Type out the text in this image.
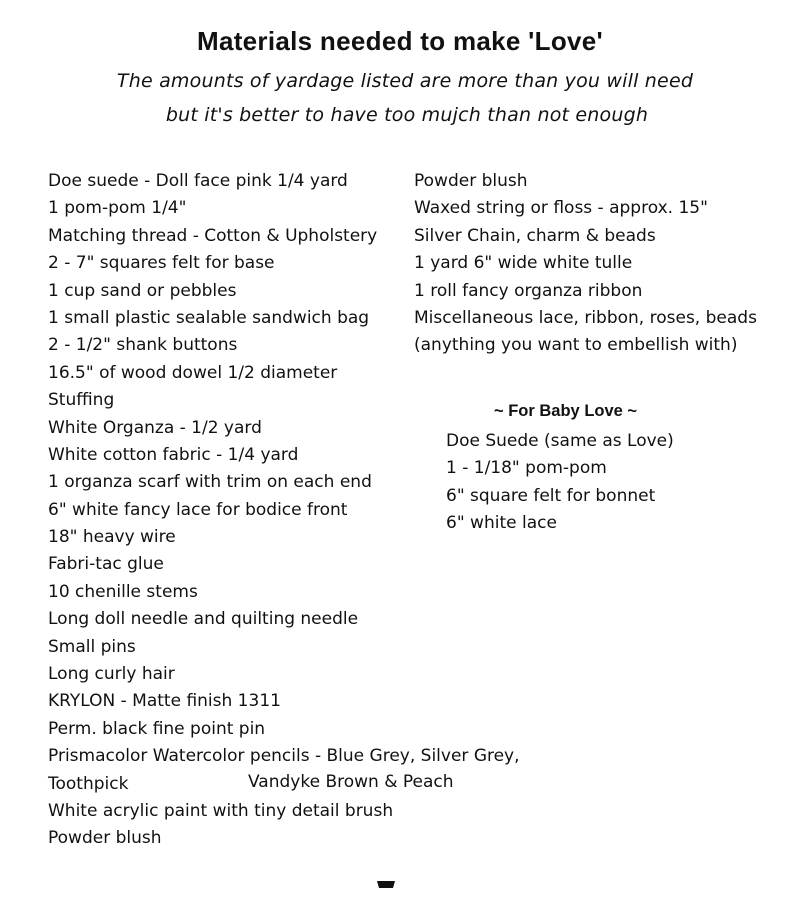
Materials needed to make 'Love'
The amounts of yardage listed are more than you will need
but it's better to have too mujch than not enough
Doe suede - Doll face pink 1/4 yard
1 pom-pom 1/4"
Matching thread - Cotton & Upholstery
2 - 7" squares felt for base
1 cup sand or pebbles
1 small plastic sealable sandwich bag
2 - 1/2" shank buttons
16.5" of wood dowel 1/2 diameter
Stuffing
White Organza - 1/2 yard
White cotton fabric - 1/4 yard
1 organza scarf with trim on each end
6" white fancy lace for bodice front
18" heavy wire
Fabri-tac glue
10 chenille stems
Long doll needle and quilting needle
Small pins
Long curly hair
KRYLON - Matte finish 1311
Perm. black fine point pin
Prismacolor Watercolor pencils - Blue Grey, Silver Grey,
Toothpick
White acrylic paint with tiny detail brush
Powder blush
Vandyke Brown & Peach
Powder blush
Waxed string or floss - approx. 15"
Silver Chain, charm & beads
1 yard 6" wide white tulle
1 roll fancy organza ribbon
Miscellaneous lace, ribbon, roses, beads
(anything you want to embellish with)
~ For Baby Love ~
Doe Suede (same as Love)
1 - 1/18" pom-pom
6" square felt for bonnet
6" white lace
